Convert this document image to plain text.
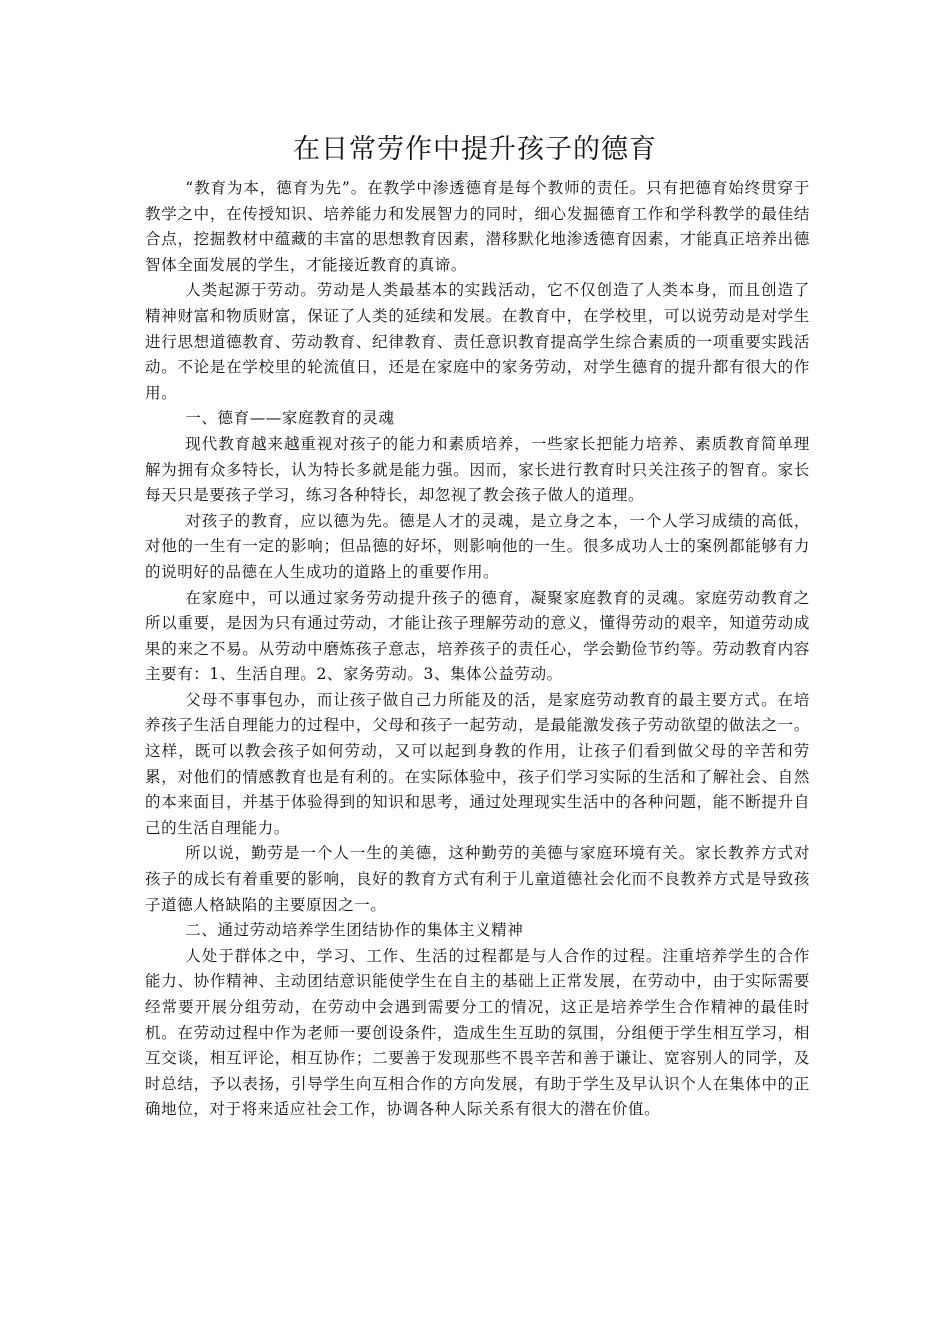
在日常劳作中提升孩子的德育

“教育为本，德育为先”。在教学中渗透德育是每个教师的责任。只有把德育始终贯穿于教学之中，在传授知识、培养能力和发展智力的同时，细心发掘德育工作和学科教学的最佳结合点，挖掘教材中蕴藏的丰富的思想教育因素，潜移默化地渗透德育因素，才能真正培养出德智体全面发展的学生，才能接近教育的真谛。

人类起源于劳动。劳动是人类最基本的实践活动，它不仅创造了人类本身，而且创造了精神财富和物质财富，保证了人类的延续和发展。在教育中，在学校里，可以说劳动是对学生进行思想道德教育、劳动教育、纪律教育、责任意识教育提高学生综合素质的一项重要实践活动。不论是在学校里的轮流值日，还是在家庭中的家务劳动，对学生德育的提升都有很大的作用。

一、德育——家庭教育的灵魂

现代教育越来越重视对孩子的能力和素质培养，一些家长把能力培养、素质教育简单理解为拥有众多特长，认为特长多就是能力强。因而，家长进行教育时只关注孩子的智育。家长每天只是要孩子学习，练习各种特长，却忽视了教会孩子做人的道理。

对孩子的教育，应以德为先。德是人才的灵魂，是立身之本，一个人学习成绩的高低，对他的一生有一定的影响；但品德的好坏，则影响他的一生。很多成功人士的案例都能够有力的说明好的品德在人生成功的道路上的重要作用。

在家庭中，可以通过家务劳动提升孩子的德育，凝聚家庭教育的灵魂。家庭劳动教育之所以重要，是因为只有通过劳动，才能让孩子理解劳动的意义，懂得劳动的艰辛，知道劳动成果的来之不易。从劳动中磨炼孩子意志，培养孩子的责任心，学会勤俭节约等。劳动教育内容主要有：1、生活自理。2、家务劳动。3、集体公益劳动。

父母不事事包办，而让孩子做自己力所能及的活，是家庭劳动教育的最主要方式。在培养孩子生活自理能力的过程中，父母和孩子一起劳动，是最能激发孩子劳动欲望的做法之一。这样，既可以教会孩子如何劳动，又可以起到身教的作用，让孩子们看到做父母的辛苦和劳累，对他们的情感教育也是有利的。在实际体验中，孩子们学习实际的生活和了解社会、自然的本来面目，并基于体验得到的知识和思考，通过处理现实生活中的各种问题，能不断提升自己的生活自理能力。

所以说，勤劳是一个人一生的美德，这种勤劳的美德与家庭环境有关。家长教养方式对孩子的成长有着重要的影响，良好的教育方式有利于儿童道德社会化而不良教养方式是导致孩子道德人格缺陷的主要原因之一。

二、通过劳动培养学生团结协作的集体主义精神

人处于群体之中，学习、工作、生活的过程都是与人合作的过程。注重培养学生的合作能力、协作精神、主动团结意识能使学生在自主的基础上正常发展，在劳动中，由于实际需要经常要开展分组劳动，在劳动中会遇到需要分工的情况，这正是培养学生合作精神的最佳时机。在劳动过程中作为老师一要创设条件，造成生生互助的氛围，分组便于学生相互学习，相互交谈，相互评论，相互协作；二要善于发现那些不畏辛苦和善于谦让、宽容别人的同学，及时总结，予以表扬，引导学生向互相合作的方向发展，有助于学生及早认识个人在集体中的正确地位，对于将来适应社会工作，协调各种人际关系有很大的潜在价值。
